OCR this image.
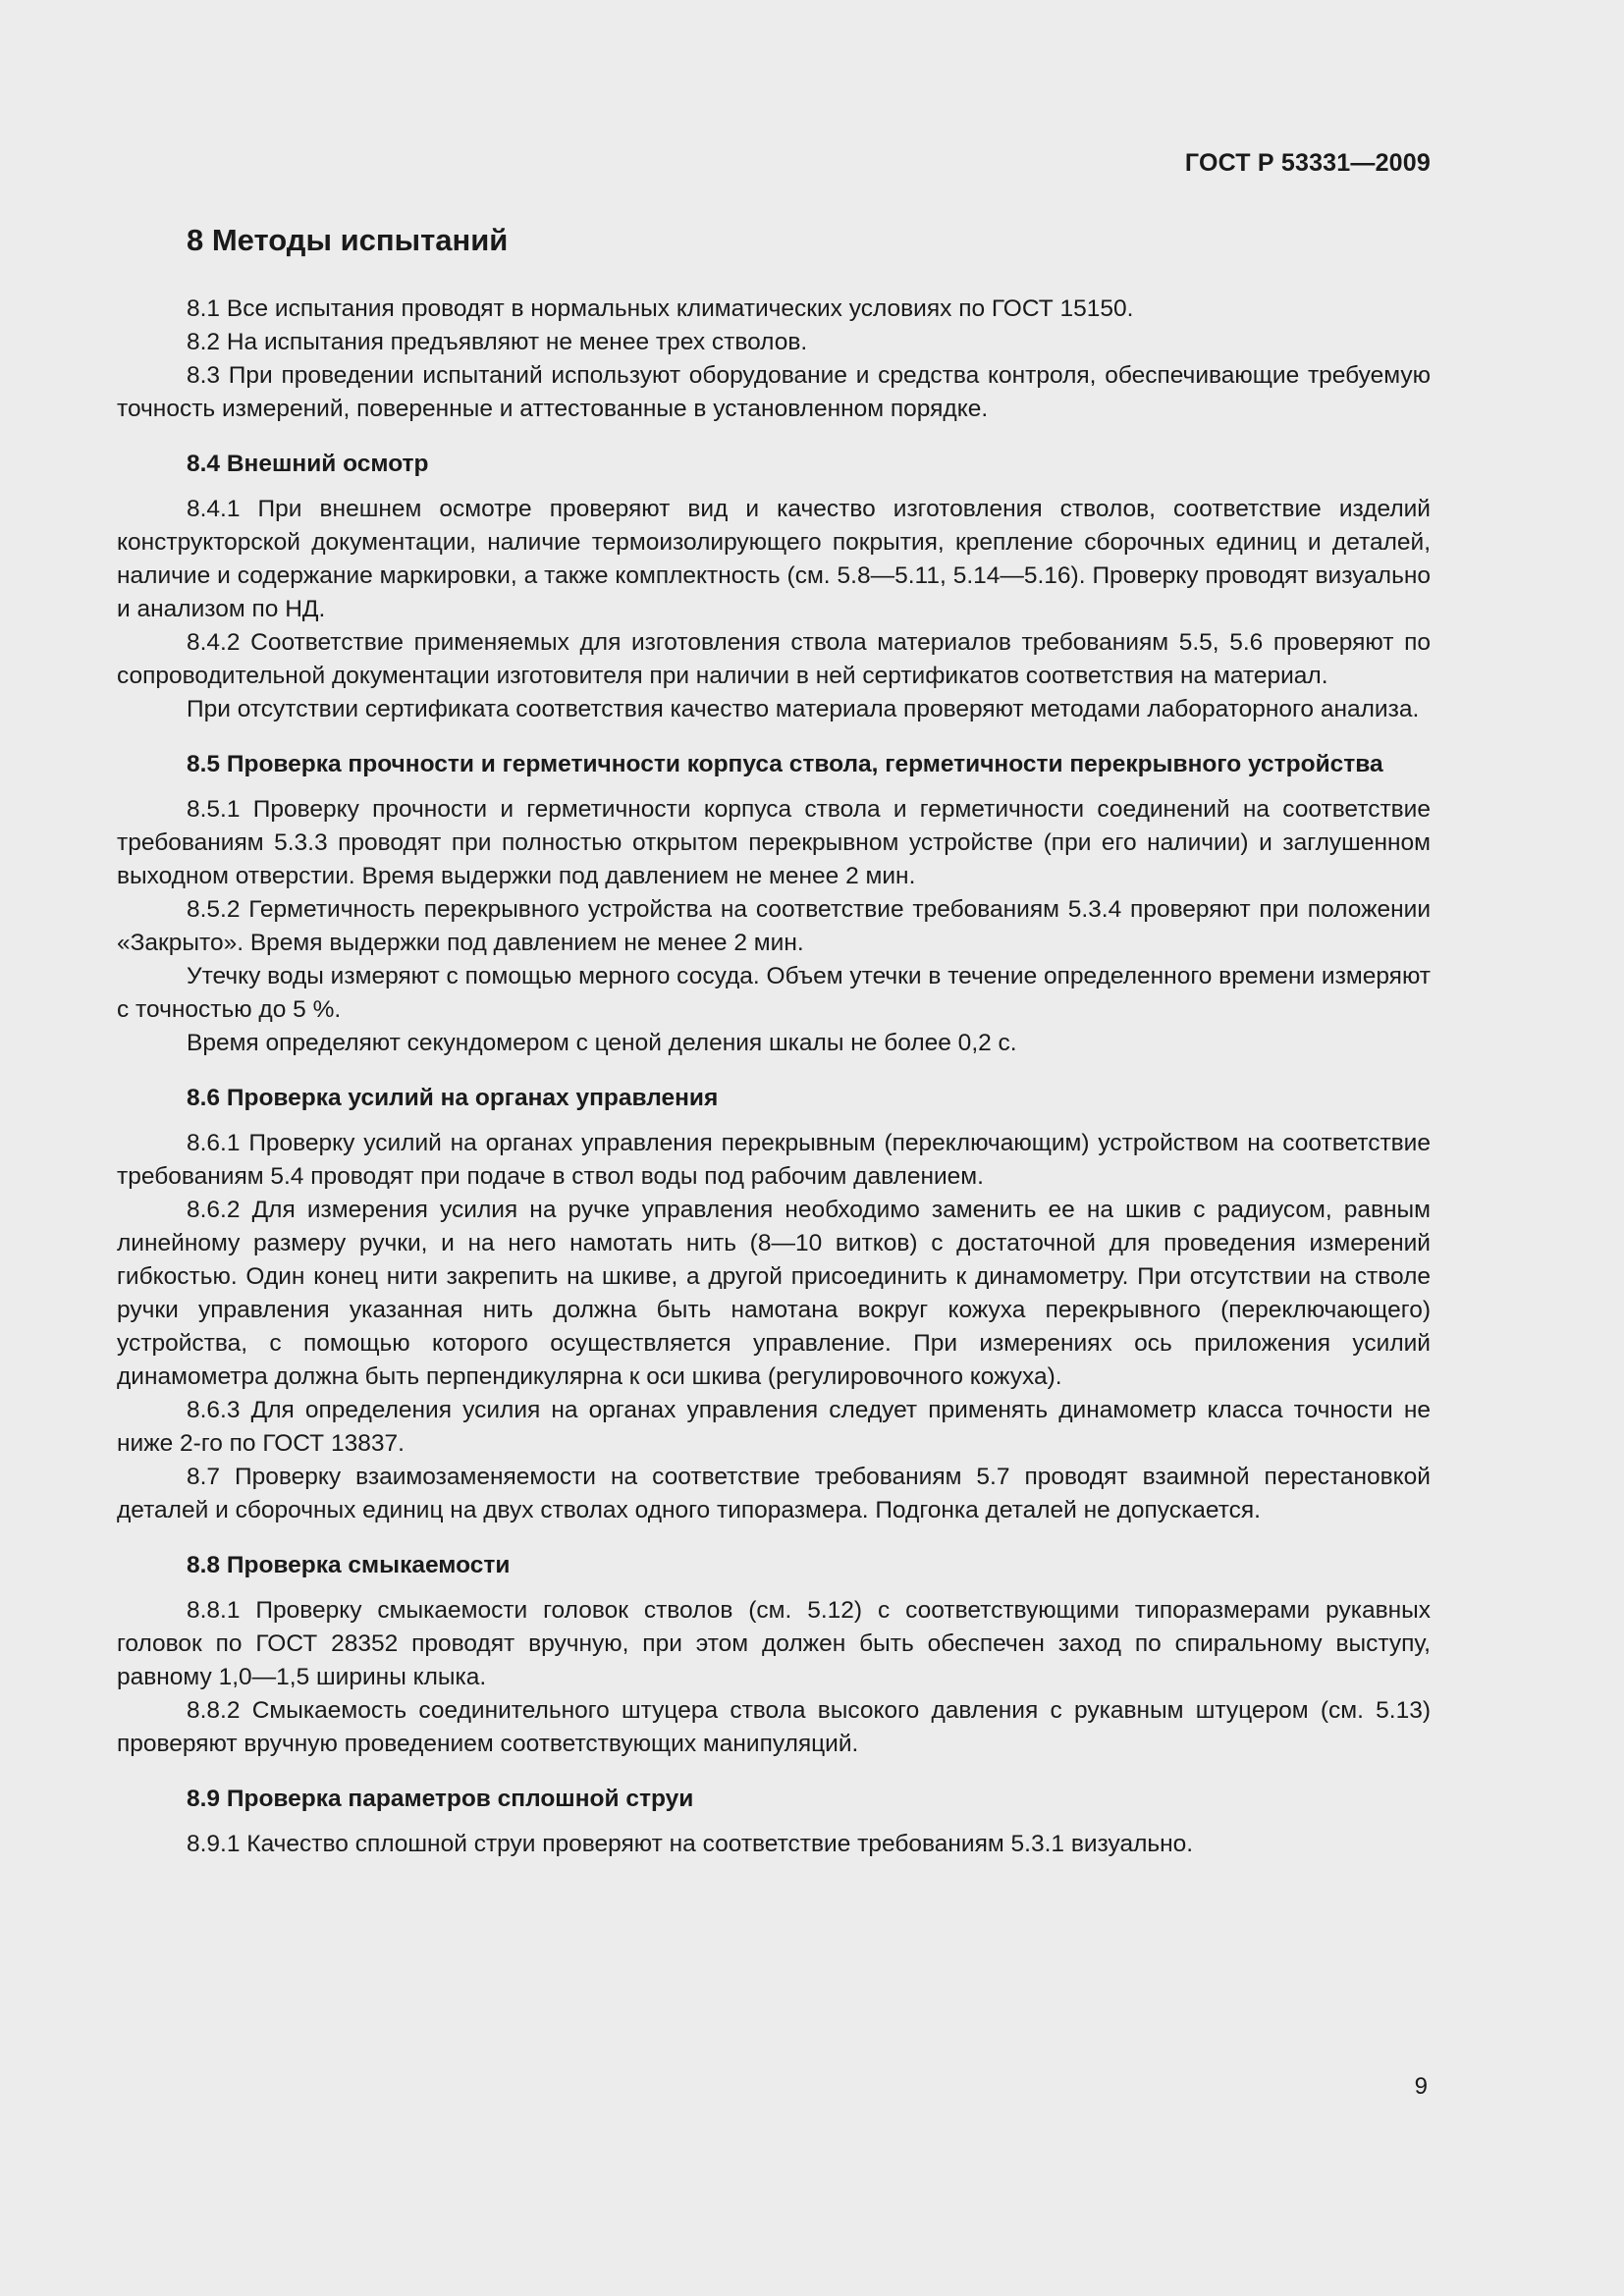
ГОСТ Р 53331—2009
8 Методы испытаний

8.1 Все испытания проводят в нормальных климатических условиях по ГОСТ 15150.

8.2 На испытания предъявляют не менее трех стволов.

8.3 При проведении испытаний используют оборудование и средства контроля, обеспечивающие требуемую точность измерений, поверенные и аттестованные в установленном порядке.

8.4 Внешний осмотр

8.4.1 При внешнем осмотре проверяют вид и качество изготовления стволов, соответствие изделий конструкторской документации, наличие термоизолирующего покрытия, крепление сборочных единиц и деталей, наличие и содержание маркировки, а также комплектность (см. 5.8—5.11, 5.14—5.16). Проверку проводят визуально и анализом по НД.

8.4.2 Соответствие применяемых для изготовления ствола материалов требованиям 5.5, 5.6 проверяют по сопроводительной документации изготовителя при наличии в ней сертификатов соответствия на материал.

При отсутствии сертификата соответствия качество материала проверяют методами лабораторного анализа.

8.5 Проверка прочности и герметичности корпуса ствола, герметичности перекрывного устройства

8.5.1 Проверку прочности и герметичности корпуса ствола и герметичности соединений на соответствие требованиям 5.3.3 проводят при полностью открытом перекрывном устройстве (при его наличии) и заглушенном выходном отверстии. Время выдержки под давлением не менее 2 мин.

8.5.2 Герметичность перекрывного устройства на соответствие требованиям 5.3.4 проверяют при положении «Закрыто». Время выдержки под давлением не менее 2 мин.

Утечку воды измеряют с помощью мерного сосуда. Объем утечки в течение определенного времени измеряют с точностью до 5 %.

Время определяют секундомером с ценой деления шкалы не более 0,2 с.

8.6 Проверка усилий на органах управления

8.6.1 Проверку усилий на органах управления перекрывным (переключающим) устройством на соответствие требованиям 5.4 проводят при подаче в ствол воды под рабочим давлением.

8.6.2 Для измерения усилия на ручке управления необходимо заменить ее на шкив с радиусом, равным линейному размеру ручки, и на него намотать нить (8—10 витков) с достаточной для проведения измерений гибкостью. Один конец нити закрепить на шкиве, а другой присоединить к динамометру. При отсутствии на стволе ручки управления указанная нить должна быть намотана вокруг кожуха перекрывного (переключающего) устройства, с помощью которого осуществляется управление. При измерениях ось приложения усилий динамометра должна быть перпендикулярна к оси шкива (регулировочного кожуха).

8.6.3 Для определения усилия на органах управления следует применять динамометр класса точности не ниже 2-го по ГОСТ 13837.

8.7 Проверку взаимозаменяемости на соответствие требованиям 5.7 проводят взаимной перестановкой деталей и сборочных единиц на двух стволах одного типоразмера. Подгонка деталей не допускается.

8.8 Проверка смыкаемости

8.8.1 Проверку смыкаемости головок стволов (см. 5.12) с соответствующими типоразмерами рукавных головок по ГОСТ 28352 проводят вручную, при этом должен быть обеспечен заход по спиральному выступу, равному 1,0—1,5 ширины клыка.

8.8.2 Смыкаемость соединительного штуцера ствола высокого давления с рукавным штуцером (см. 5.13) проверяют вручную проведением соответствующих манипуляций.

8.9 Проверка параметров сплошной струи

8.9.1 Качество сплошной струи проверяют на соответствие требованиям 5.3.1 визуально.

9
